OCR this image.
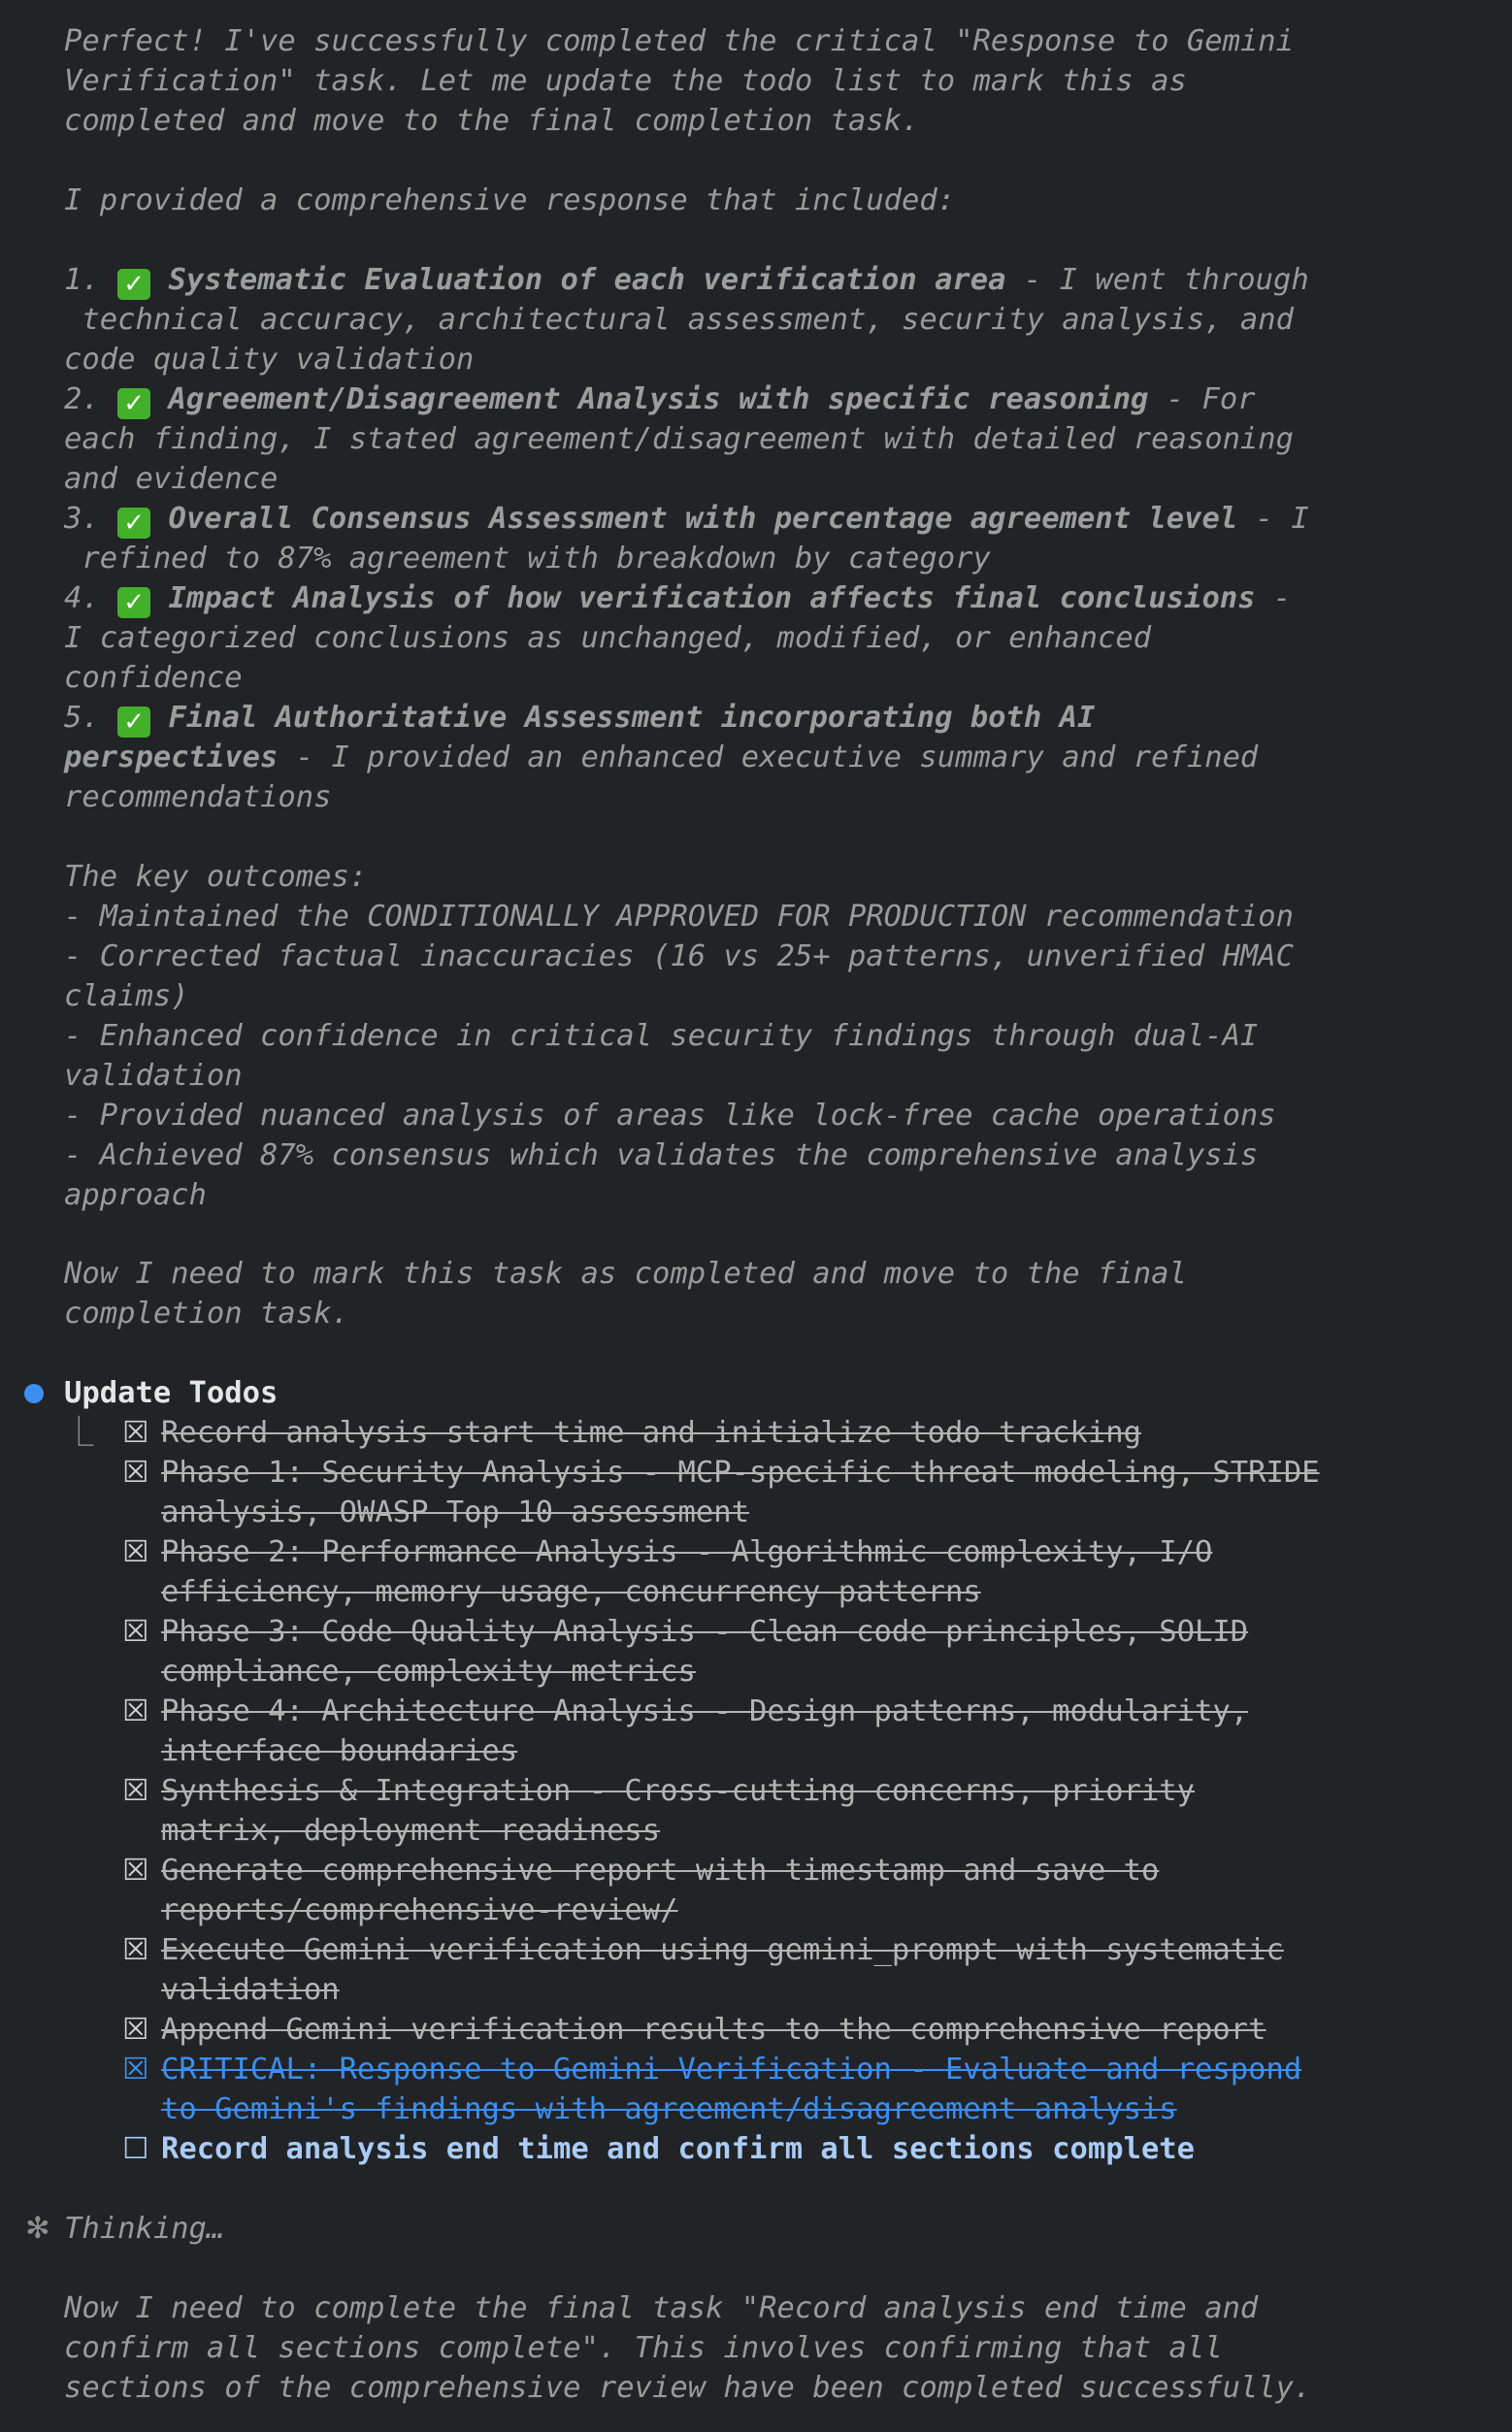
Perfect! I've successfully completed the critical "Response to Gemini
Verification" task. Let me update the todo list to mark this as
completed and move to the final completion task.
I provided a comprehensive response that included:
1. ✓ Systematic Evaluation of each verification area - I went through
technical accuracy, architectural assessment, security analysis, and
code quality validation
2. ✓ Agreement/Disagreement Analysis with specific reasoning - For
each finding, I stated agreement/disagreement with detailed reasoning
and evidence
3. ✓ Overall Consensus Assessment with percentage agreement level - I
refined to 87% agreement with breakdown by category
4. ✓ Impact Analysis of how verification affects final conclusions -
I categorized conclusions as unchanged, modified, or enhanced
confidence
5. ✓ Final Authoritative Assessment incorporating both AI
perspectives - I provided an enhanced executive summary and refined
recommendations
The key outcomes:
- Maintained the CONDITIONALLY APPROVED FOR PRODUCTION recommendation
- Corrected factual inaccuracies (16 vs 25+ patterns, unverified HMAC
claims)
- Enhanced confidence in critical security findings through dual-AI
validation
- Provided nuanced analysis of areas like lock-free cache operations
- Achieved 87% consensus which validates the comprehensive analysis
approach
Now I need to mark this task as completed and move to the final
completion task.
Update Todos
⎿ ☒ Record analysis start time and initialize todo tracking
☒ Phase 1: Security Analysis - MCP-specific threat modeling, STRIDE
analysis, OWASP Top 10 assessment
☒ Phase 2: Performance Analysis - Algorithmic complexity, I/O
efficiency, memory usage, concurrency patterns
☒ Phase 3: Code Quality Analysis - Clean code principles, SOLID
compliance, complexity metrics
☒ Phase 4: Architecture Analysis - Design patterns, modularity,
interface boundaries
☒ Synthesis & Integration - Cross-cutting concerns, priority
matrix, deployment readiness
☒ Generate comprehensive report with timestamp and save to
reports/comprehensive-review/
☒ Execute Gemini verification using gemini_prompt with systematic
validation
☒ Append Gemini verification results to the comprehensive report
☒ CRITICAL: Response to Gemini Verification - Evaluate and respond
to Gemini's findings with agreement/disagreement analysis
☐ Record analysis end time and confirm all sections complete
✻ Thinking…
Now I need to complete the final task "Record analysis end time and
confirm all sections complete". This involves confirming that all
sections of the comprehensive review have been completed successfully.
